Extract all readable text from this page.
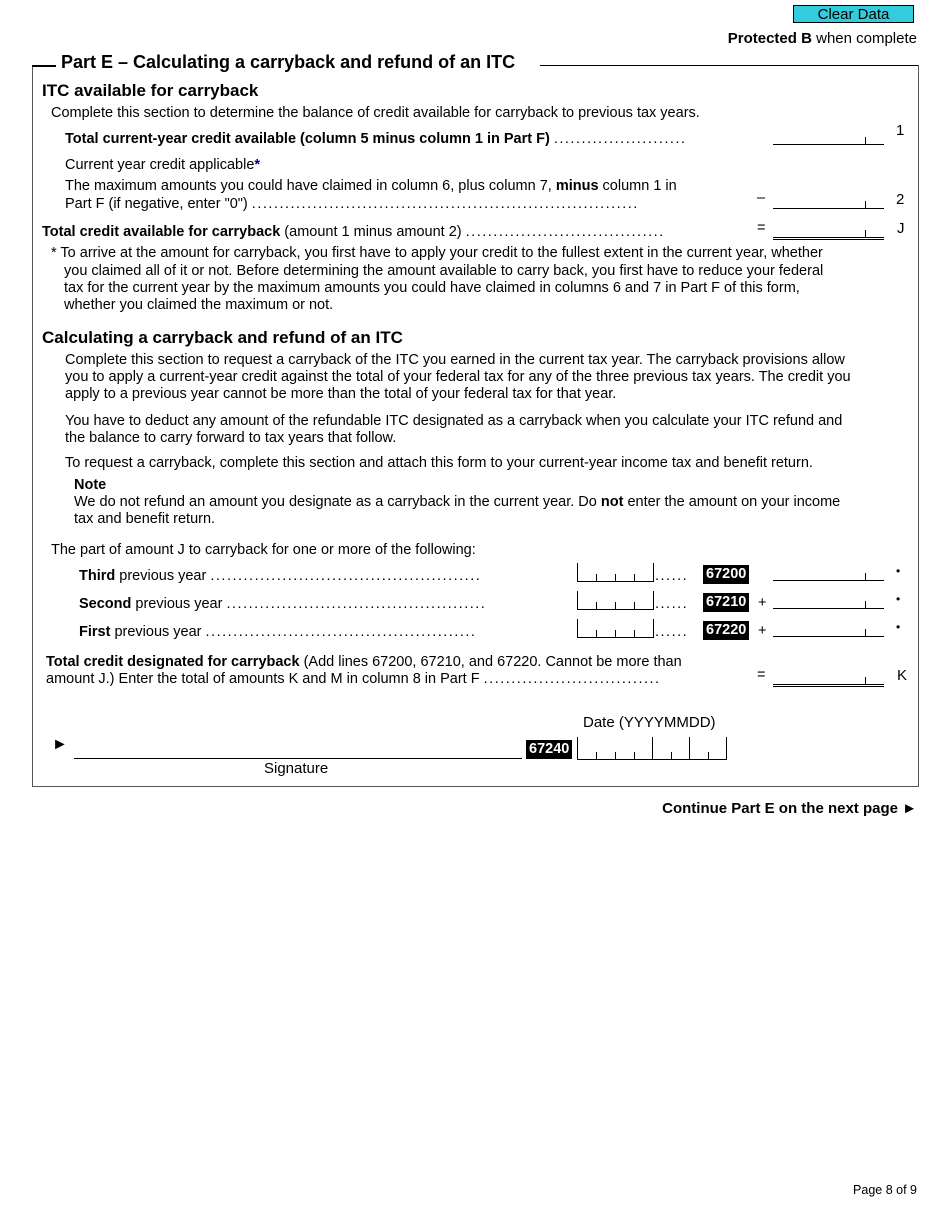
Clear Data
Protected B when complete
Part E – Calculating a carryback and refund of an ITC
ITC available for carryback
Complete this section to determine the balance of credit available for carryback to previous tax years.
Total current-year credit available (column 5 minus column 1 in Part F) ........................	1
Current year credit applicable*
The maximum amounts you could have claimed in column 6, plus column 7, minus column 1 in
Part F (if negative, enter "0") ......................................................................	–	2
Total credit available for carryback (amount 1 minus amount 2) ....................................	=	J
* To arrive at the amount for carryback, you first have to apply your credit to the fullest extent in the current year, whether
you claimed all of it or not. Before determining the amount available to carry back, you first have to reduce your federal
tax for the current year by the maximum amounts you could have claimed in columns 6 and 7 in Part F of this form,
whether you claimed the maximum or not.
Calculating a carryback and refund of an ITC
Complete this section to request a carryback of the ITC you earned in the current tax year. The carryback provisions allow
you to apply a current-year credit against the total of your federal tax for any of the three previous tax years. The credit you
apply to a previous year cannot be more than the total of your federal tax for that year.
You have to deduct any amount of the refundable ITC designated as a carryback when you calculate your ITC refund and
the balance to carry forward to tax years that follow.
To request a carryback, complete this section and attach this form to your current-year income tax and benefit return.
Note
We do not refund an amount you designate as a carryback in the current year. Do not enter the amount on your income
tax and benefit return.
The part of amount J to carryback for one or more of the following:
Third previous year .................................................	...... 67200	•
Second previous year ...............................................	...... 67210 +	•
First previous year .................................................	...... 67220 +	•
Total credit designated for carryback (Add lines 67200, 67210, and 67220. Cannot be more than
amount J.) Enter the total of amounts K and M in column 8 in Part F ................................	=	K
Date (YYYYMMDD)
►	67240
Signature
Continue Part E on the next page ►
Page 8 of 9
